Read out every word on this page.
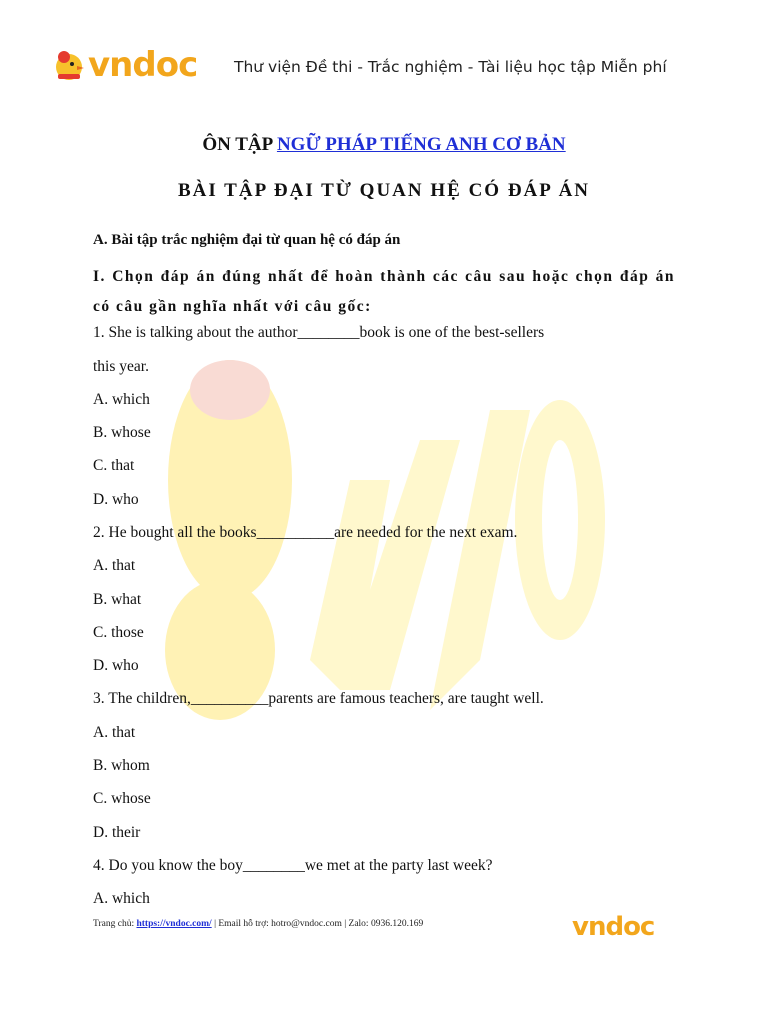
vndoc Thư viện Đề thi - Trắc nghiệm - Tài liệu học tập Miễn phí
ÔN TẬP NGỮ PHÁP TIẾNG ANH CƠ BẢN
BÀI TẬP ĐẠI TỪ QUAN HỆ CÓ ĐÁP ÁN
A. Bài tập trắc nghiệm đại từ quan hệ có đáp án
I. Chọn đáp án đúng nhất để hoàn thành các câu sau hoặc chọn đáp án có câu gần nghĩa nhất với câu gốc:
1. She is talking about the author________book is one of the best-sellers
this year.
A. which
B. whose
C. that
D. who
2. He bought all the books__________are needed for the next exam.
A. that
B. what
C. those
D. who
3. The children,__________parents are famous teachers, are taught well.
A. that
B. whom
C. whose
D. their
4. Do you know the boy________we met at the party last week?
A. which
Trang chủ: https://vndoc.com/ | Email hỗ trợ: hotro@vndoc.com | Zalo: 0936.120.169	vndoc
